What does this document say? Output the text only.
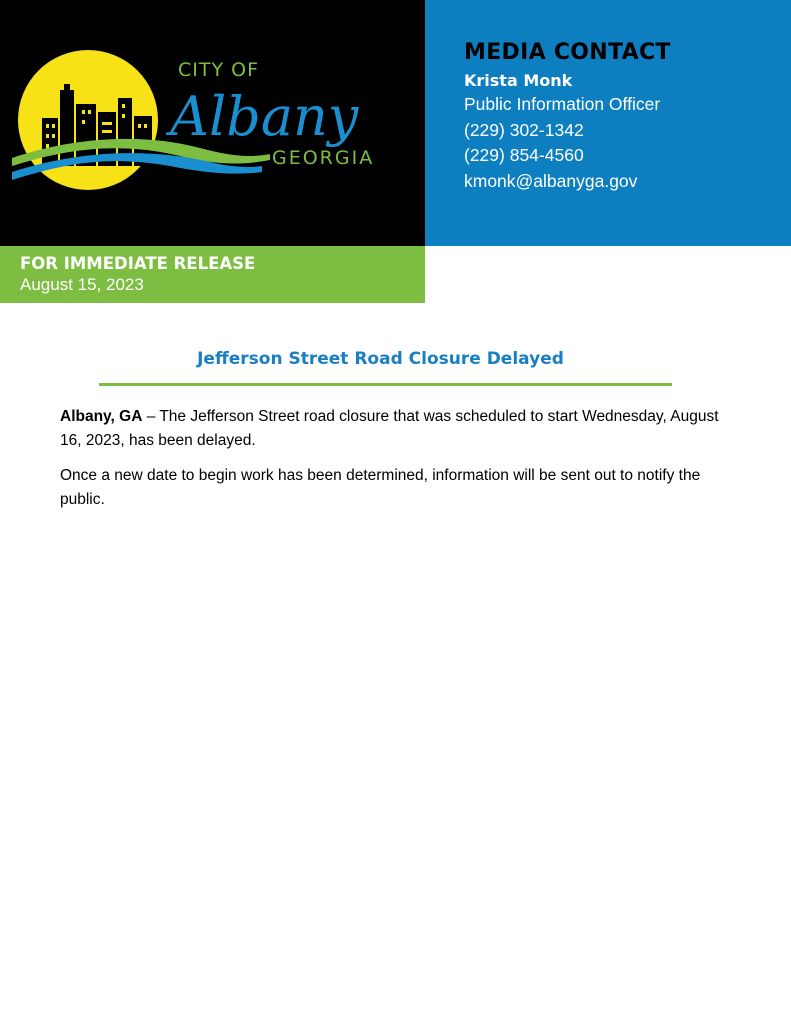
CITY OF
Albany
GEORGIA
MEDIA CONTACT
Krista Monk
Public Information Officer
(229) 302-1342
(229) 854-4560
kmonk@albanyga.gov
FOR IMMEDIATE RELEASE
August 15, 2023
Jefferson Street Road Closure Delayed

Albany, GA – The Jefferson Street road closure that was scheduled to start Wednesday, August 16, 2023, has been delayed.

Once a new date to begin work has been determined, information will be sent out to notify the public.
